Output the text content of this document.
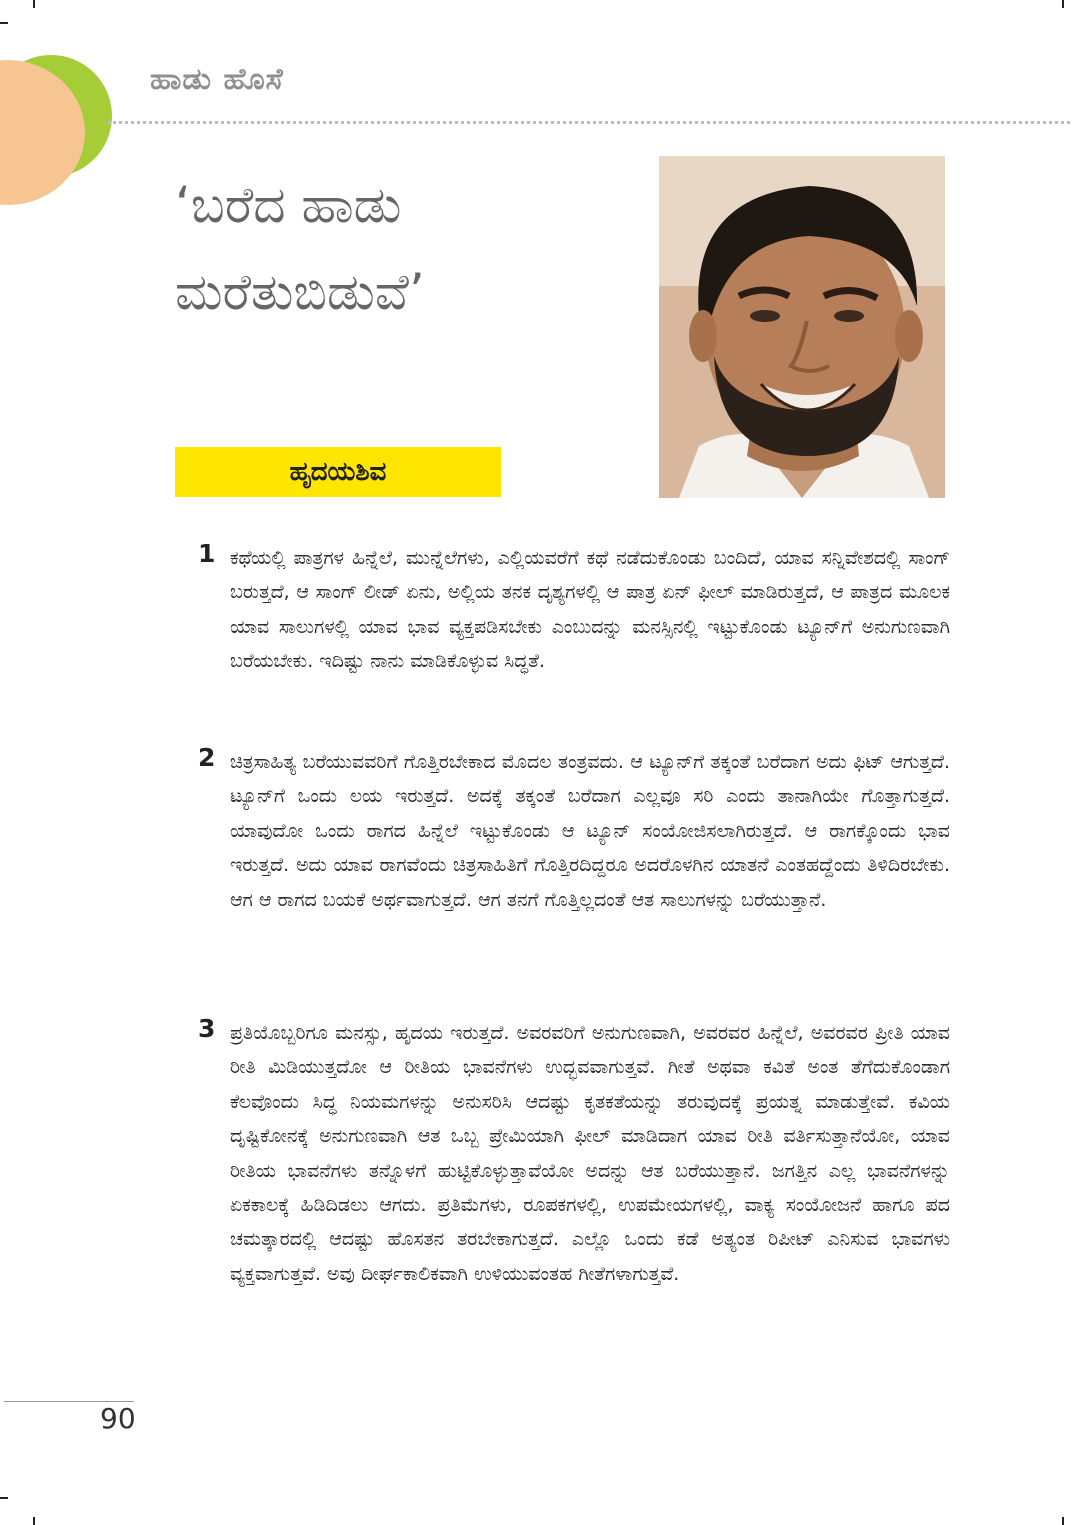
ಹಾಡು ಹೊಸೆ
‘ಬರೆದ ಹಾಡು
ಮರೆತುಬಿಡುವೆ’
ಹೃದಯಶಿವ
1 ಕಥೆಯಲ್ಲಿ ಪಾತ್ರಗಳ ಹಿನ್ನೆಲೆ, ಮುನ್ನೆಲೆಗಳು, ಎಲ್ಲಿಯವರೆಗೆ ಕಥೆ ನಡೆದುಕೊಂಡು ಬಂದಿದೆ, ಯಾವ ಸನ್ನಿವೇಶದಲ್ಲಿ ಸಾಂಗ್ ಬರುತ್ತದೆ, ಆ ಸಾಂಗ್ ಲೀಡ್ ಏನು, ಅಲ್ಲಿಯ ತನಕ ದೃಶ್ಯಗಳಲ್ಲಿ ಆ ಪಾತ್ರ ಏನ್ ಫೀಲ್ ಮಾಡಿರುತ್ತದೆ, ಆ ಪಾತ್ರದ ಮೂಲಕ ಯಾವ ಸಾಲುಗಳಲ್ಲಿ ಯಾವ ಭಾವ ವ್ಯಕ್ತಪಡಿಸಬೇಕು ಎಂಬುದನ್ನು ಮನಸ್ಸಿನಲ್ಲಿ ಇಟ್ಟುಕೊಂಡು ಟ್ಯೂನ್‌ಗೆ ಅನುಗುಣವಾಗಿ ಬರೆಯಬೇಕು. ಇದಿಷ್ಟು ನಾನು ಮಾಡಿಕೊಳ್ಳುವ ಸಿದ್ಧತೆ.
2 ಚಿತ್ರಸಾಹಿತ್ಯ ಬರೆಯುವವರಿಗೆ ಗೊತ್ತಿರಬೇಕಾದ ಮೊದಲ ತಂತ್ರವದು. ಆ ಟ್ಯೂನ್‌ಗೆ ತಕ್ಕಂತೆ ಬರೆದಾಗ ಅದು ಫಿಟ್ ಆಗುತ್ತದೆ. ಟ್ಯೂನ್‌ಗೆ ಒಂದು ಲಯ ಇರುತ್ತದೆ. ಅದಕ್ಕೆ ತಕ್ಕಂತೆ ಬರೆದಾಗ ಎಲ್ಲವೂ ಸರಿ ಎಂದು ತಾನಾಗಿಯೇ ಗೊತ್ತಾಗುತ್ತದೆ. ಯಾವುದೋ ಒಂದು ರಾಗದ ಹಿನ್ನೆಲೆ ಇಟ್ಟುಕೊಂಡು ಆ ಟ್ಯೂನ್ ಸಂಯೋಜಿಸಲಾಗಿರುತ್ತದೆ. ಆ ರಾಗಕ್ಕೊಂದು ಭಾವ ಇರುತ್ತದೆ. ಅದು ಯಾವ ರಾಗವೆಂದು ಚಿತ್ರಸಾಹಿತಿಗೆ ಗೊತ್ತಿರದಿದ್ದರೂ ಅದರೊಳಗಿನ ಯಾತನೆ ಎಂತಹದ್ದೆಂದು ತಿಳಿದಿರಬೇಕು. ಆಗ ಆ ರಾಗದ ಬಯಕೆ ಅರ್ಥವಾಗುತ್ತದೆ. ಆಗ ತನಗೆ ಗೊತ್ತಿಲ್ಲದಂತೆ ಆತ ಸಾಲುಗಳನ್ನು ಬರೆಯುತ್ತಾನೆ.
3 ಪ್ರತಿಯೊಬ್ಬರಿಗೂ ಮನಸ್ಸು, ಹೃದಯ ಇರುತ್ತದೆ. ಅವರವರಿಗೆ ಅನುಗುಣವಾಗಿ, ಅವರವರ ಹಿನ್ನೆಲೆ, ಅವರವರ ಪ್ರೀತಿ ಯಾವ ರೀತಿ ಮಿಡಿಯುತ್ತದೋ ಆ ರೀತಿಯ ಭಾವನೆಗಳು ಉದ್ಭವವಾಗುತ್ತವೆ. ಗೀತೆ ಅಥವಾ ಕವಿತೆ ಅಂತ ತೆಗೆದುಕೊಂಡಾಗ ಕೆಲವೊಂದು ಸಿದ್ಧ ನಿಯಮಗಳನ್ನು ಅನುಸರಿಸಿ ಆದಷ್ಟು ಕೃತಕತೆಯನ್ನು ತರುವುದಕ್ಕೆ ಪ್ರಯತ್ನ ಮಾಡುತ್ತೇವೆ. ಕವಿಯ ದೃಷ್ಟಿಕೋನಕ್ಕೆ ಅನುಗುಣವಾಗಿ ಆತ ಒಬ್ಬ ಪ್ರೇಮಿಯಾಗಿ ಫೀಲ್ ಮಾಡಿದಾಗ ಯಾವ ರೀತಿ ವರ್ತಿಸುತ್ತಾನೆಯೋ, ಯಾವ ರೀತಿಯ ಭಾವನೆಗಳು ತನ್ನೊಳಗೆ ಹುಟ್ಟಿಕೊಳ್ಳುತ್ತಾವೆಯೋ ಅದನ್ನು ಆತ ಬರೆಯುತ್ತಾನೆ. ಜಗತ್ತಿನ ಎಲ್ಲ ಭಾವನೆಗಳನ್ನು ಏಕಕಾಲಕ್ಕೆ ಹಿಡಿದಿಡಲು ಆಗದು. ಪ್ರತಿಮೆಗಳು, ರೂಪಕಗಳಲ್ಲಿ, ಉಪಮೇಯಗಳಲ್ಲಿ, ವಾಕ್ಯ ಸಂಯೋಜನೆ ಹಾಗೂ ಪದ ಚಮತ್ಕಾರದಲ್ಲಿ ಆದಷ್ಟು ಹೊಸತನ ತರಬೇಕಾಗುತ್ತದೆ. ಎಲ್ಲೊ ಒಂದು ಕಡೆ ಅತ್ಯಂತ ರಿಪೀಟ್ ಎನಿಸುವ ಭಾವಗಳು ವ್ಯಕ್ತವಾಗುತ್ತವೆ. ಅವು ದೀರ್ಘಕಾಲಿಕವಾಗಿ ಉಳಿಯುವಂತಹ ಗೀತೆಗಳಾಗುತ್ತವೆ.
90
